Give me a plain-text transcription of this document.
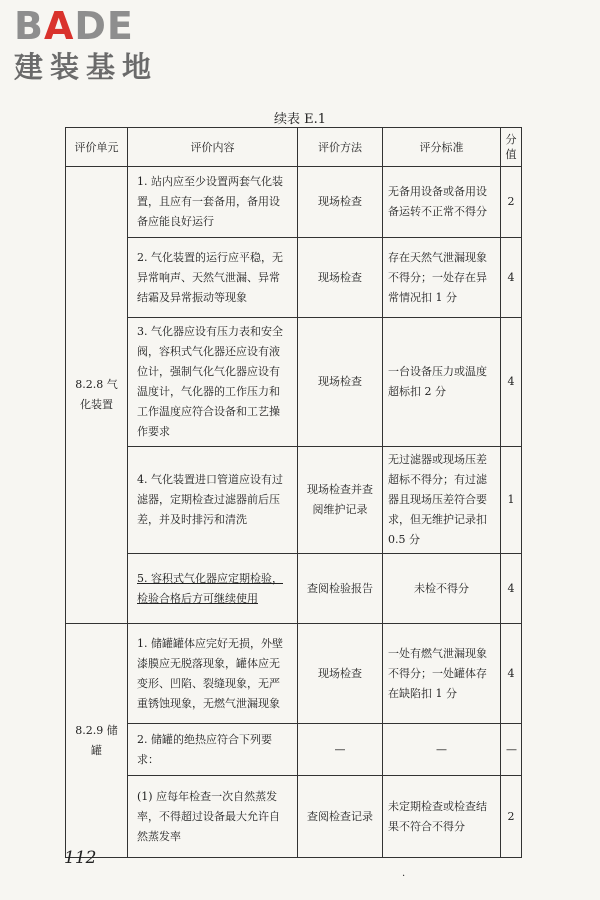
BADE
建装基地
续表 E.1
评价单元	评价内容	评价方法	评分标准	分值
8.2.8 气化装置	1. 站内应至少设置两套气化装置，且应有一套备用，备用设备应能良好运行	现场检查	无备用设备或备用设备运转不正常不得分	2
	2. 气化装置的运行应平稳，无异常响声、天然气泄漏、异常结霜及异常振动等现象	现场检查	存在天然气泄漏现象不得分；一处存在异常情况扣 1 分	4
	3. 气化器应设有压力表和安全阀，容积式气化器还应设有液位计，强制气化气化器应设有温度计，气化器的工作压力和工作温度应符合设备和工艺操作要求	现场检查	一台设备压力或温度超标扣 2 分	4
	4. 气化装置进口管道应设有过滤器，定期检查过滤器前后压差，并及时排污和清洗	现场检查并查阅维护记录	无过滤器或现场压差超标不得分；有过滤器且现场压差符合要求，但无维护记录扣 0.5 分	1
	5. 容积式气化器应定期检验，检验合格后方可继续使用	查阅检验报告	未检不得分	4
8.2.9 储罐	1. 储罐罐体应完好无损，外壁漆膜应无脱落现象，罐体应无变形、凹陷、裂缝现象，无严重锈蚀现象，无燃气泄漏现象	现场检查	一处有燃气泄漏现象不得分；一处罐体存在缺陷扣 1 分	4
	2. 储罐的绝热应符合下列要求：	—	—	—
	(1) 应每年检查一次自然蒸发率，不得超过设备最大允许自然蒸发率	查阅检查记录	未定期检查或检查结果不符合不得分	2
112
.
